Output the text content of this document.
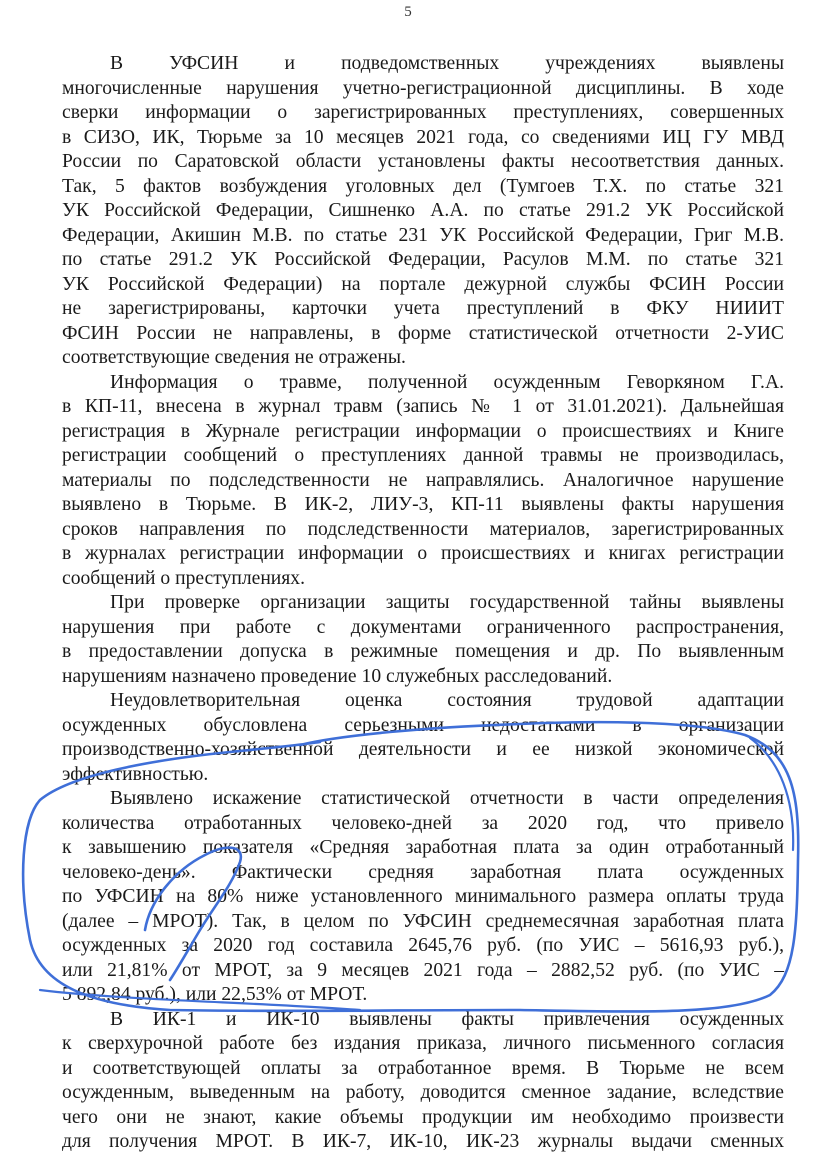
5
В УФСИН и подведомственных учреждениях выявлены
многочисленные нарушения учетно-регистрационной дисциплины. В ходе
сверки информации о зарегистрированных преступлениях, совершенных
в СИЗО, ИК, Тюрьме за 10 месяцев 2021 года, со сведениями ИЦ ГУ МВД
России по Саратовской области установлены факты несоответствия данных.
Так, 5 фактов возбуждения уголовных дел (Тумгоев Т.Х. по статье 321
УК Российской Федерации, Сишненко А.А. по статье 291.2 УК Российской
Федерации, Акишин М.В. по статье 231 УК Российской Федерации, Григ М.В.
по статье 291.2 УК Российской Федерации, Расулов М.М. по статье 321
УК Российской Федерации) на портале дежурной службы ФСИН России
не зарегистрированы, карточки учета преступлений в ФКУ НИИИТ
ФСИН России не направлены, в форме статистической отчетности 2-УИС
соответствующие сведения не отражены.
Информация о травме, полученной осужденным Геворкяном Г.А.
в КП-11, внесена в журнал травм (запись № 1 от 31.01.2021). Дальнейшая
регистрация в Журнале регистрации информации о происшествиях и Книге
регистрации сообщений о преступлениях данной травмы не производилась,
материалы по подследственности не направлялись. Аналогичное нарушение
выявлено в Тюрьме. В ИК-2, ЛИУ-3, КП-11 выявлены факты нарушения
сроков направления по подследственности материалов, зарегистрированных
в журналах регистрации информации о происшествиях и книгах регистрации
сообщений о преступлениях.
При проверке организации защиты государственной тайны выявлены
нарушения при работе с документами ограниченного распространения,
в предоставлении допуска в режимные помещения и др. По выявленным
нарушениям назначено проведение 10 служебных расследований.
Неудовлетворительная оценка состояния трудовой адаптации
осужденных обусловлена серьезными недостатками в организации
производственно-хозяйственной деятельности и ее низкой экономической
эффективностью.
Выявлено искажение статистической отчетности в части определения
количества отработанных человеко-дней за 2020 год, что привело
к завышению показателя «Средняя заработная плата за один отработанный
человеко-день». Фактически средняя заработная плата осужденных
по УФСИН на 80% ниже установленного минимального размера оплаты труда
(далее – МРОТ). Так, в целом по УФСИН среднемесячная заработная плата
осужденных за 2020 год составила 2645,76 руб. (по УИС – 5616,93 руб.),
или 21,81% от МРОТ, за 9 месяцев 2021 года – 2882,52 руб. (по УИС –
5 892,84 руб.), или 22,53% от МРОТ.
В ИК-1 и ИК-10 выявлены факты привлечения осужденных
к сверхурочной работе без издания приказа, личного письменного согласия
и соответствующей оплаты за отработанное время. В Тюрьме не всем
осужденным, выведенным на работу, доводится сменное задание, вследствие
чего они не знают, какие объемы продукции им необходимо произвести
для получения МРОТ. В ИК-7, ИК-10, ИК-23 журналы выдачи сменных
